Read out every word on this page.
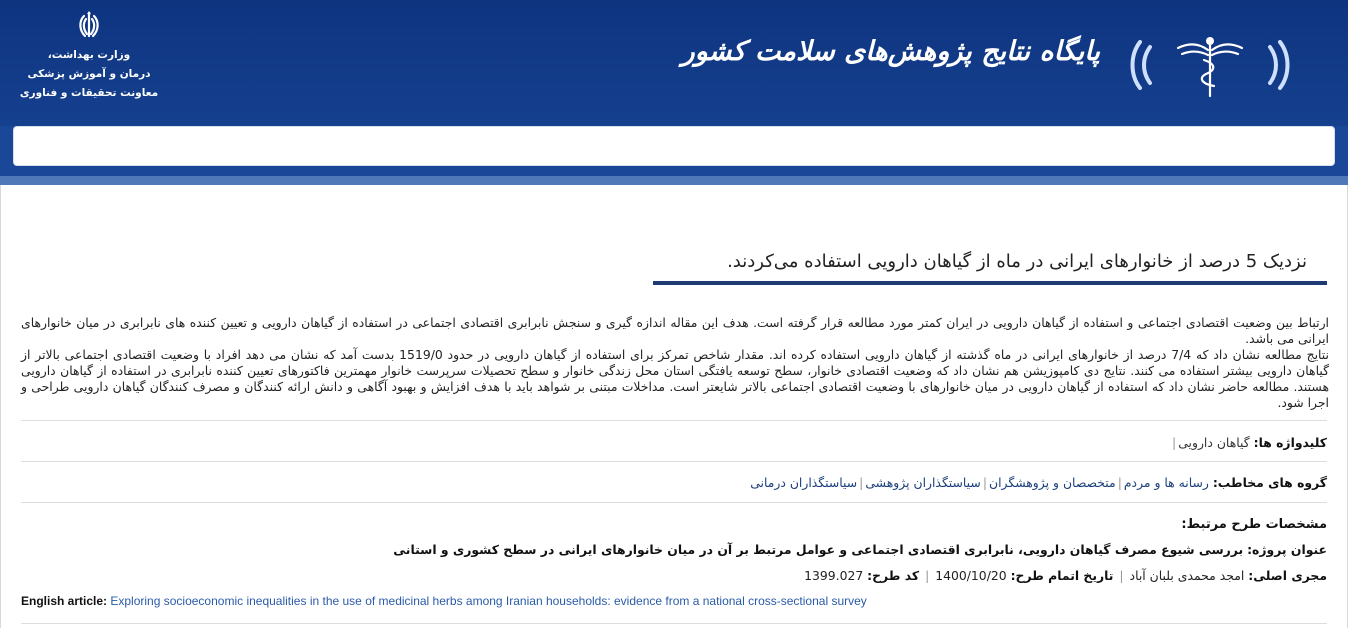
وزارت بهداشت،
درمان و آموزش پزشکی
معاونت تحقیقات و فناوری
پایگاه نتایج پژوهش‌های سلامت کشور
نزدیک 5 درصد از خانوارهای ایرانی در ماه از گیاهان دارویی استفاده می‌کردند.

ارتباط بین وضعیت اقتصادی اجتماعی و استفاده از گیاهان دارویی در ایران کمتر مورد مطالعه قرار گرفته است. هدف این مقاله اندازه گیری و سنجش نابرابری اقتصادی اجتماعی در استفاده از گیاهان دارویی و تعیین کننده های نابرابری در میان خانوارهای ایرانی می باشد.

نتایج مطالعه نشان داد که 7/4 درصد از خانوارهای ایرانی در ماه گذشته از گیاهان دارویی استفاده کرده اند. مقدار شاخص تمرکز برای استفاده از گیاهان دارویی در حدود 1519/0 بدست آمد که نشان می دهد افراد با وضعیت اقتصادی اجتماعی بالاتر از گیاهان دارویی بیشتر استفاده می کنند. نتایج دی کامپوزیشن هم نشان داد که وضعیت اقتصادی خانوار، سطح توسعه یافتگی استان محل زندگی خانوار و سطح تحصیلات سرپرست خانوار مهمترین فاکتورهای تعیین کننده نابرابری در استفاده از گیاهان دارویی هستند. مطالعه حاضر نشان داد که استفاده از گیاهان دارویی در میان خانوارهای با وضعیت اقتصادی اجتماعی بالاتر شایعتر است. مداخلات مبتنی بر شواهد باید با هدف افزایش و بهبود آگاهی و دانش ارائه کنندگان و مصرف کنندگان گیاهان دارویی طراحی و اجرا شود.

کلیدواژه ها: گیاهان دارویی|
گروه های مخاطب: رسانه ها و مردم|متخصصان و پژوهشگران|سیاستگذاران پژوهشی|سیاستگذاران درمانی
مشخصات طرح مرتبط:
عنوان پروژه: بررسی شیوع مصرف گیاهان دارویی، نابرابری اقتصادی اجتماعی و عوامل مرتبط بر آن در میان خانوارهای ایرانی در سطح کشوری و استانی
مجری اصلی: امجد محمدی بلبان آباد | تاریخ اتمام طرح: 1400/10/20 | کد طرح: 1399.027
English article: Exploring socioeconomic inequalities in the use of medicinal herbs among Iranian households: evidence from a national cross-sectional survey
